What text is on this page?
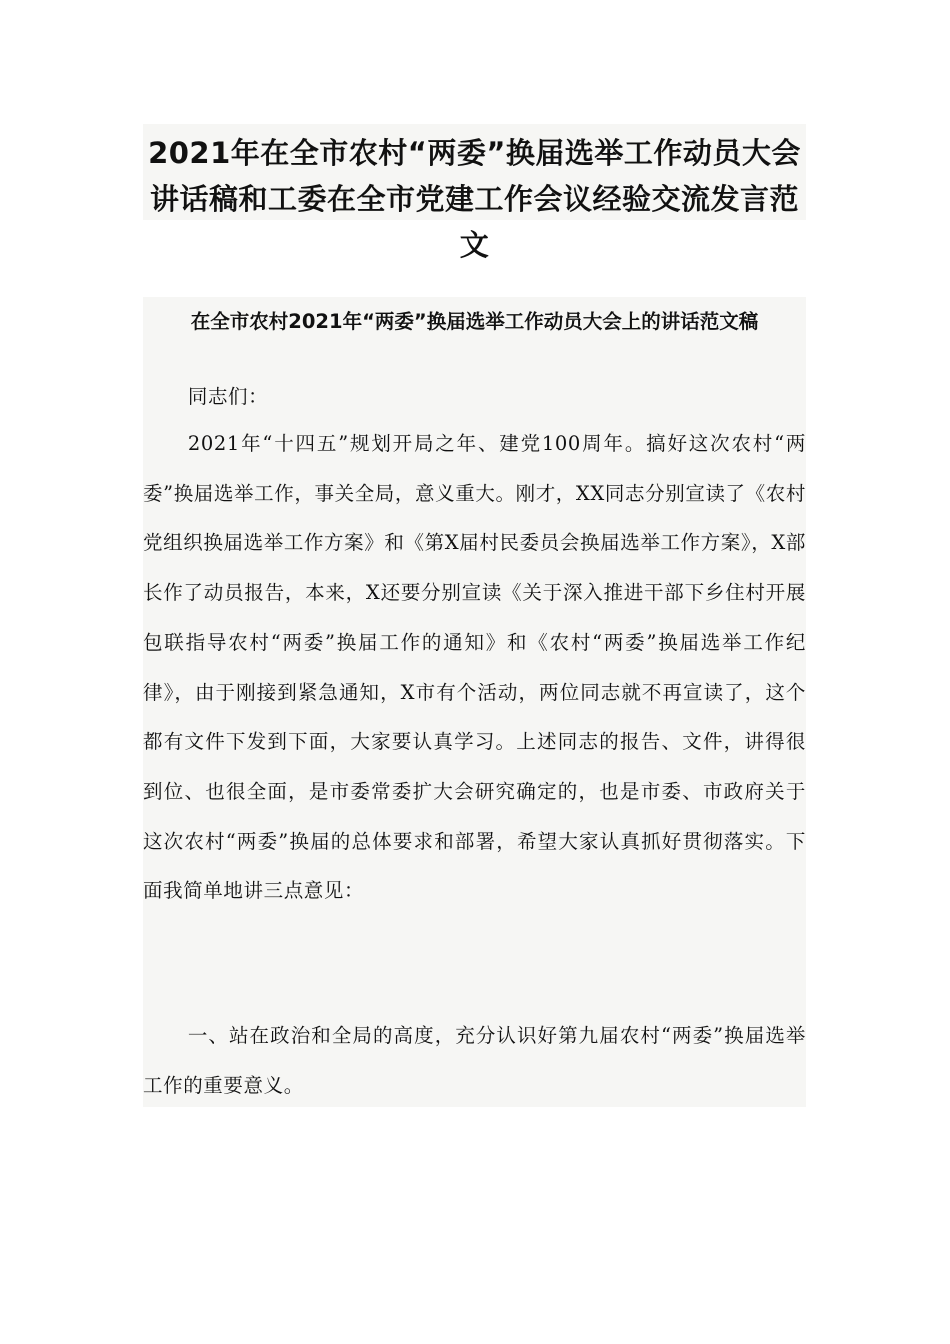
2021年在全市农村“两委”换届选举工作动员大会
讲话稿和工委在全市党建工作会议经验交流发言范文
在全市农村2021年“两委”换届选举工作动员大会上的讲话范文稿

同志们：

2021年“十四五”规划开局之年、建党100周年。搞好这次农村“两委”换届选举工作，事关全局，意义重大。刚才，XX同志分别宣读了《农村党组织换届选举工作方案》和《第X届村民委员会换届选举工作方案》，X部长作了动员报告，本来，X还要分别宣读《关于深入推进干部下乡住村开展包联指导农村“两委”换届工作的通知》和《农村“两委”换届选举工作纪律》，由于刚接到紧急通知，X市有个活动，两位同志就不再宣读了，这个都有文件下发到下面，大家要认真学习。上述同志的报告、文件，讲得很到位、也很全面，是市委常委扩大会研究确定的，也是市委、市政府关于这次农村“两委”换届的总体要求和部署，希望大家认真抓好贯彻落实。下面我简单地讲三点意见：

一、站在政治和全局的高度，充分认识好第九届农村“两委”换届选举工作的重要意义。
